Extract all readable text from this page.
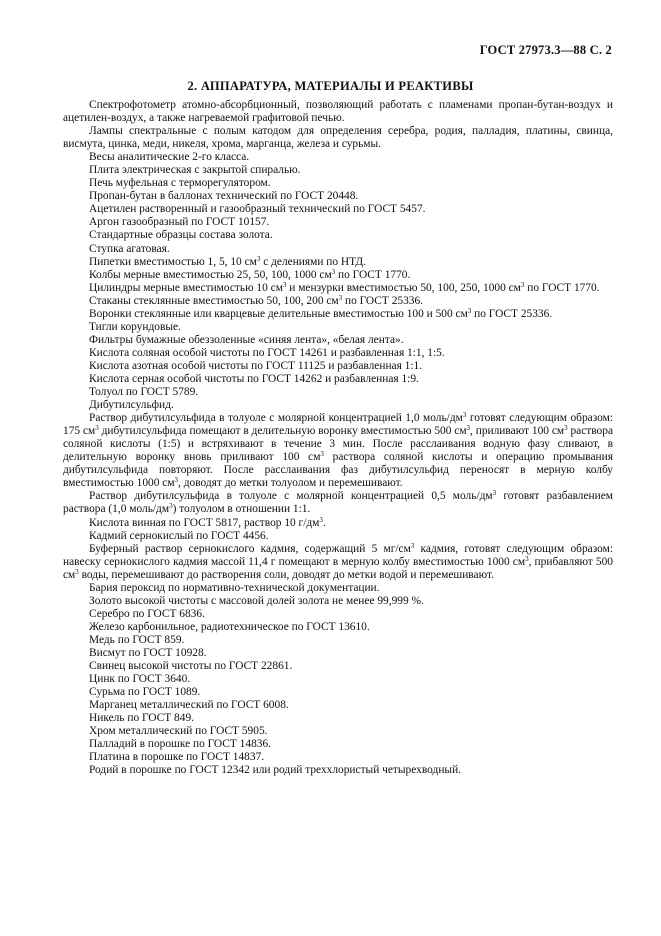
ГОСТ 27973.3—88 С. 2
2. АППАРАТУРА, МАТЕРИАЛЫ И РЕАКТИВЫ

Спектрофотометр атомно-абсорбционный, позволяющий работать с пламенами пропан-бутан-воздух и ацетилен-воздух, а также нагреваемой графитовой печью.

Лампы спектральные с полым катодом для определения серебра, родия, палладия, платины, свинца, висмута, цинка, меди, никеля, хрома, марганца, железа и сурьмы.

Весы аналитические 2-го класса.

Плита электрическая с закрытой спиралью.

Печь муфельная с терморегулятором.

Пропан-бутан в баллонах технический по ГОСТ 20448.

Ацетилен растворенный и газообразный технический по ГОСТ 5457.

Аргон газообразный по ГОСТ 10157.

Стандартные образцы состава золота.

Ступка агатовая.

Пипетки вместимостью 1, 5, 10 $см^3$ с делениями по НТД.

Колбы мерные вместимостью 25, 50, 100, 1000 $см^3$ по ГОСТ 1770.

Цилиндры мерные вместимостью 10 $см^3$ и мензурки вместимостью 50, 100, 250, 1000 $см^3$ по ГОСТ 1770.

Стаканы стеклянные вместимостью 50, 100, 200 $см^3$ по ГОСТ 25336.

Воронки стеклянные или кварцевые делительные вместимостью 100 и 500 $см^3$ по ГОСТ 25336.

Тигли корундовые.

Фильтры бумажные обеззоленные «синяя лента», «белая лента».

Кислота соляная особой чистоты по ГОСТ 14261 и разбавленная 1:1, 1:5.

Кислота азотная особой чистоты по ГОСТ 11125 и разбавленная 1:1.

Кислота серная особой чистоты по ГОСТ 14262 и разбавленная 1:9.

Толуол по ГОСТ 5789.

Дибутилсульфид.

Раствор дибутилсульфида в толуоле с молярной концентрацией 1,0 моль/$дм^3$ готовят следующим образом: 175 $см^3$ дибутилсульфида помещают в делительную воронку вместимостью 500 $см^3$, приливают 100 $см^3$ раствора соляной кислоты (1:5) и встряхивают в течение 3 мин. После расслаивания водную фазу сливают, в делительную воронку вновь приливают 100 $см^3$ раствора соляной кислоты и операцию промывания дибутилсульфида повторяют. После расслаивания фаз дибутилсульфид переносят в мерную колбу вместимостью 1000 $см^3$, доводят до метки толуолом и перемешивают.

Раствор дибутилсульфида в толуоле с молярной концентрацией 0,5 моль/$дм^3$ готовят разбавлением раствора (1,0 моль/$дм^3$) толуолом в отношении 1:1.

Кислота винная по ГОСТ 5817, раствор 10 $г/дм^3$.

Кадмий сернокислый по ГОСТ 4456.

Буферный раствор сернокислого кадмия, содержащий 5 $мг/см^3$ кадмия, готовят следующим образом: навеску сернокислого кадмия массой 11,4 г помещают в мерную колбу вместимостью 1000 $см^3$, прибавляют 500 $см^3$ воды, перемешивают до растворения соли, доводят до метки водой и перемешивают.

Бария пероксид по нормативно-технической документации.

Золото высокой чистоты с массовой долей золота не менее 99,999 %.

Серебро по ГОСТ 6836.

Железо карбонильное, радиотехническое по ГОСТ 13610.

Медь по ГОСТ 859.

Висмут по ГОСТ 10928.

Свинец высокой чистоты по ГОСТ 22861.

Цинк по ГОСТ 3640.

Сурьма по ГОСТ 1089.

Марганец металлический по ГОСТ 6008.

Никель по ГОСТ 849.

Хром металлический по ГОСТ 5905.

Палладий в порошке по ГОСТ 14836.

Платина в порошке по ГОСТ 14837.

Родий в порошке по ГОСТ 12342 или родий треххлористый четырехводный.
